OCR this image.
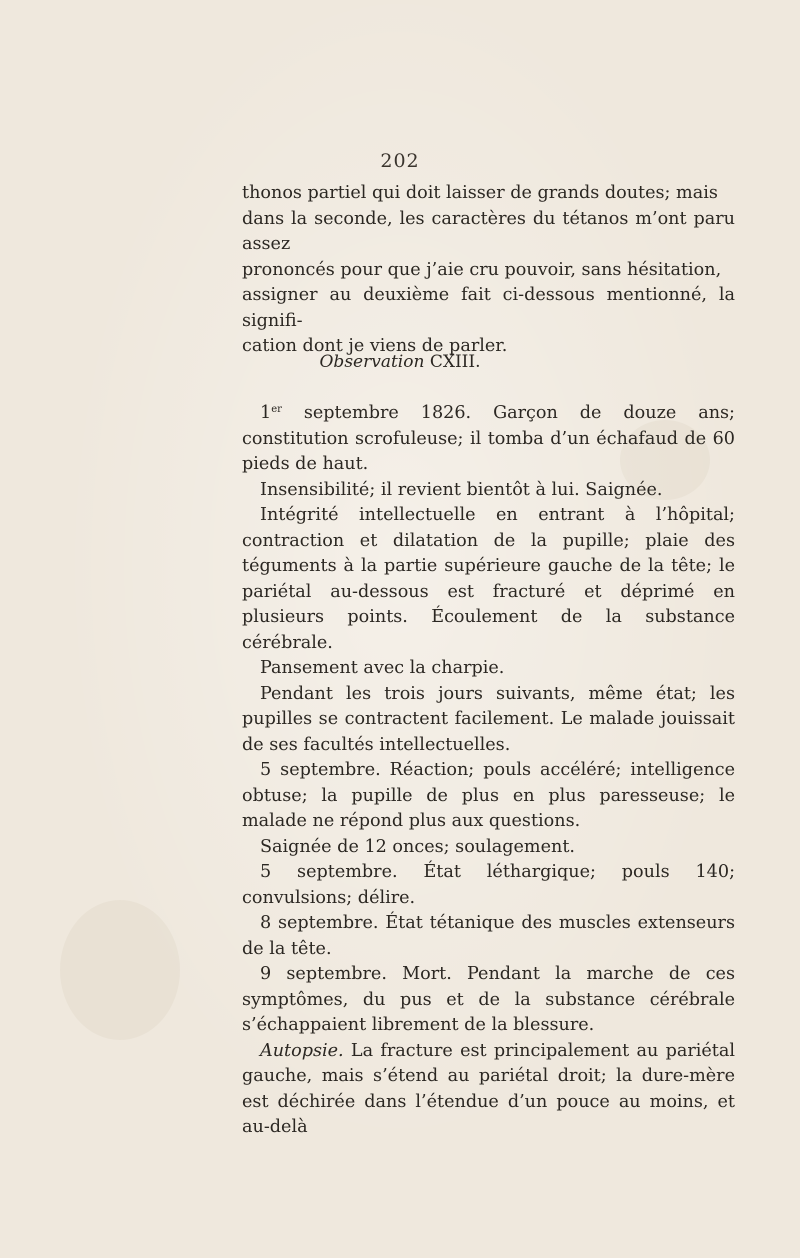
202

thonos partiel qui doit laisser de grands doutes; mais

dans la seconde, les caractères du tétanos m’ont paru assez

prononcés pour que j’aie cru pouvoir, sans hésitation,

assigner au deuxième fait ci-dessous mentionné, la signifi-

cation dont je viens de parler.

Observation CXIII.

1er septembre 1826. Garçon de douze ans; constitution scrofuleuse; il tomba d’un échafaud de 60 pieds de haut.

Insensibilité; il revient bientôt à lui. Saignée.

Intégrité intellectuelle en entrant à l’hôpital; contraction et dilatation de la pupille; plaie des téguments à la partie supérieure gauche de la tête; le pariétal au-dessous est fracturé et déprimé en plusieurs points. Écoulement de la substance cérébrale.

Pansement avec la charpie.

Pendant les trois jours suivants, même état; les pupilles se contractent facilement. Le malade jouissait de ses facultés intellectuelles.

5 septembre. Réaction; pouls accéléré; intelligence obtuse; la pupille de plus en plus paresseuse; le malade ne répond plus aux questions.

Saignée de 12 onces; soulagement.

5 septembre. État léthargique; pouls 140; convulsions; délire.

8 septembre. État tétanique des muscles extenseurs de la tête.

9 septembre. Mort. Pendant la marche de ces symptômes, du pus et de la substance cérébrale s’échappaient librement de la blessure.

Autopsie. La fracture est principalement au pariétal gauche, mais s’étend au pariétal droit; la dure-mère est déchirée dans l’étendue d’un pouce au moins, et au-delà
